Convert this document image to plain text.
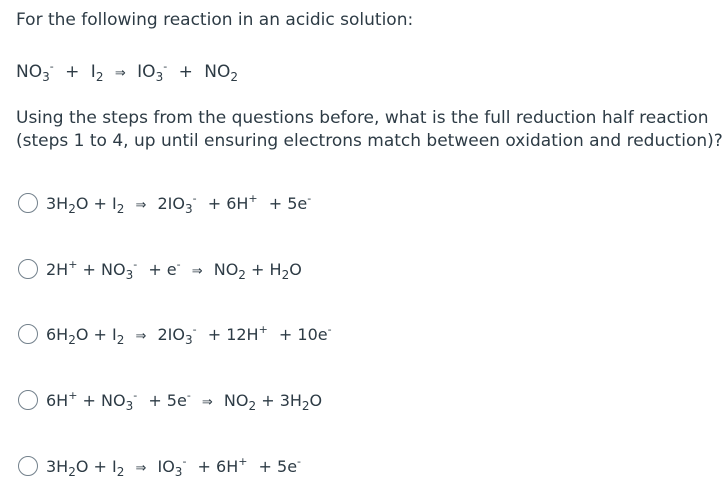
For the following reaction in an acidic solution:
$NO_3^- + I_2$ ⇒ $IO_3^- + NO_2$
Using the steps from the questions before, what is the full reduction half reaction
(steps 1 to 4, up until ensuring electrons match between oxidation and reduction)?
$3H_2O + I_2$ ⇒ $2IO_3^- + 6H^+ + 5e^-$
$2H^+ + NO_3^- + e^-$ ⇒ $NO_2 + H_2O$
$6H_2O + I_2$ ⇒ $2IO_3^- + 12H^+ + 10e^-$
$6H^+ + NO_3^- + 5e^-$ ⇒ $NO_2 + 3H_2O$
$3H_2O + I_2$ ⇒ $IO_3^- + 6H^+ + 5e^-$
